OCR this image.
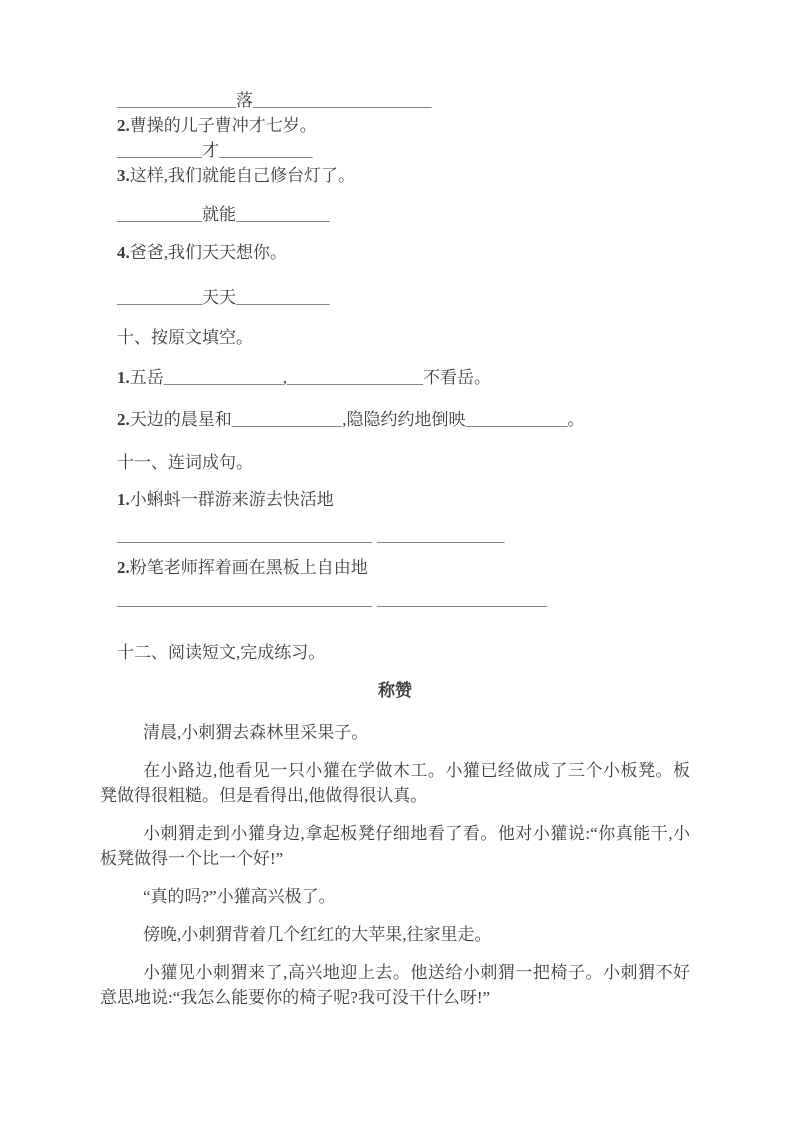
______________落_____________________

2.曹操的儿子曹冲才七岁。

__________才___________

3.这样,我们就能自己修台灯了。

__________就能___________

4.爸爸,我们天天想你。

__________天天___________

十、按原文填空。

1.五岳______________,________________不看岳。

2.天边的晨星和_____________,隐隐约约地倒映____________。

十一、连词成句。

1.小蝌蚪一群游来游去快活地

______________________________ _______________

2.粉笔老师挥着画在黑板上自由地

______________________________ ____________________

十二、阅读短文,完成练习。

称赞

清晨,小刺猬去森林里采果子。

在小路边,他看见一只小獾在学做木工。小獾已经做成了三个小板凳。板凳做得很粗糙。但是看得出,他做得很认真。

小刺猬走到小獾身边,拿起板凳仔细地看了看。他对小獾说:“你真能干,小板凳做得一个比一个好!”

“真的吗?”小獾高兴极了。

傍晚,小刺猬背着几个红红的大苹果,往家里走。

小獾见小刺猬来了,高兴地迎上去。他送给小刺猬一把椅子。小刺猬不好意思地说:“我怎么能要你的椅子呢?我可没干什么呀!”
